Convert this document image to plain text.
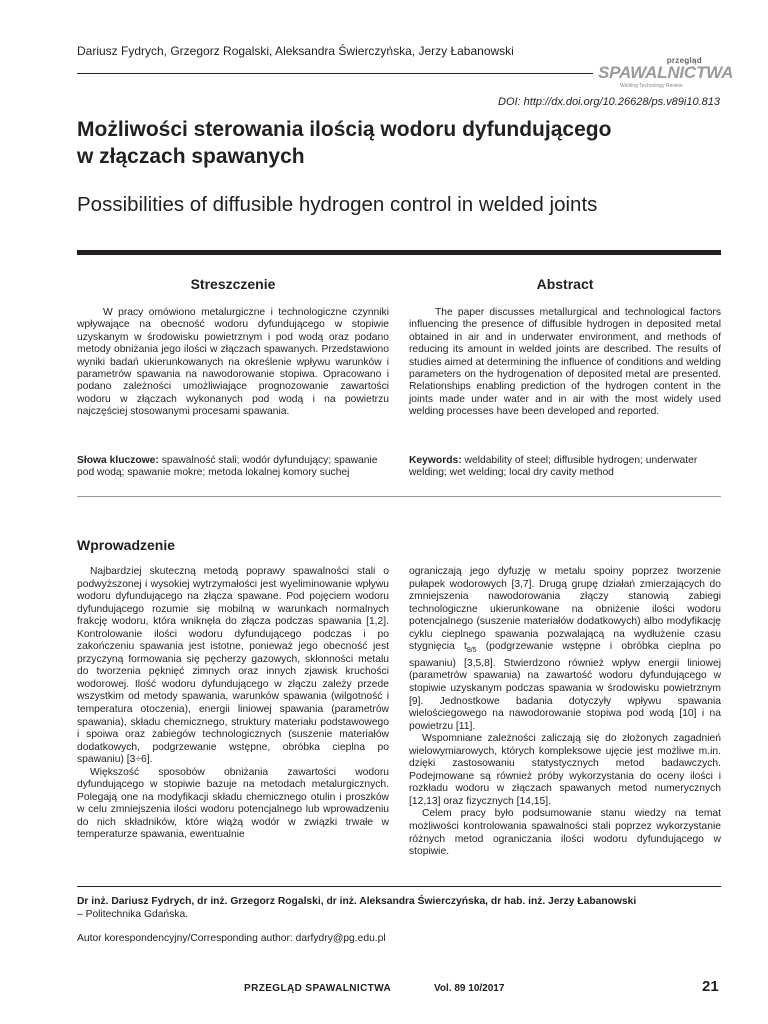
Dariusz Fydrych, Grzegorz Rogalski, Aleksandra Świerczyńska, Jerzy Łabanowski
przegląd
SPAWALNICTWA
Welding Technology Review
DOI: http://dx.doi.org/10.26628/ps.v89i10.813
Możliwości sterowania ilością wodoru dyfundującego
w złączach spawanych
Possibilities of diffusible hydrogen control in welded joints
Streszczenie	Abstract

W pracy omówiono metalurgiczne i technologiczne czynniki wpływające na obecność wodoru dyfundującego w stopiwie uzyskanym w środowisku powietrznym i pod wodą oraz podano metody obniżania jego ilości w złączach spawanych. Przedstawiono wyniki badań ukierunkowanych na określenie wpływu warunków i parametrów spawania na nawodorowanie stopiwa. Opracowano i podano zależności umożliwiające prognozowanie zawartości wodoru w złączach wykonanych pod wodą i na powietrzu najczęściej stosowanymi procesami spawania.

The paper discusses metallurgical and technological factors influencing the presence of diffusible hydrogen in deposited metal obtained in air and in underwater environment, and methods of reducing its amount in welded joints are described. The results of studies aimed at determining the influence of conditions and welding parameters on the hydrogenation of deposited metal are presented. Relationships enabling prediction of the hydrogen content in the joints made under water and in air with the most widely used welding processes have been developed and reported.

Słowa kluczowe: spawalność stali; wodór dyfundujący; spawanie pod wodą; spawanie mokre; metoda lokalnej komory suchej

Keywords: weldability of steel; diffusible hydrogen; underwater welding; wet welding; local dry cavity method

Wprowadzenie

Najbardziej skuteczną metodą poprawy spawalności stali o podwyższonej i wysokiej wytrzymałości jest wyeliminowanie wpływu wodoru dyfundującego na złącza spawane. Pod pojęciem wodoru dyfundującego rozumie się mobilną w warunkach normalnych frakcję wodoru, która wniknęła do złącza podczas spawania [1,2]. Kontrolowanie ilości wodoru dyfundującego podczas i po zakończeniu spawania jest istotne, ponieważ jego obecność jest przyczyną formowania się pęcherzy gazowych, skłonności metalu do tworzenia pęknięć zimnych oraz innych zjawisk kruchości wodorowej. Ilość wodoru dyfundującego w złączu zależy przede wszystkim od metody spawania, warunków spawania (wilgotność i temperatura otoczenia), energii liniowej spawania (parametrów spawania), składu chemicznego, struktury materiału podstawowego i spoiwa oraz zabiegów technologicznych (suszenie materiałów dodatkowych, podgrzewanie wstępne, obróbka cieplna po spawaniu) [3÷6].

Większość sposobów obniżania zawartości wodoru dyfundującego w stopiwie bazuje na metodach metalurgicznych. Polegają one na modyfikacji składu chemicznego otulin i proszków w celu zmniejszenia ilości wodoru potencjalnego lub wprowadzeniu do nich składników, które wiążą wodór w związki trwałe w temperaturze spawania, ewentualnie

ograniczają jego dyfuzję w metalu spoiny poprzez tworzenie pułapek wodorowych [3,7]. Drugą grupę działań zmierzających do zmniejszenia nawodorowania złączy stanowią zabiegi technologiczne ukierunkowane na obniżenie ilości wodoru potencjalnego (suszenie materiałów dodatkowych) albo modyfikację cyklu cieplnego spawania pozwalającą na wydłużenie czasu stygnięcia $t_{8/5}$ (podgrzewanie wstępne i obróbka cieplna po spawaniu) [3,5,8]. Stwierdzono również wpływ energii liniowej (parametrów spawania) na zawartość wodoru dyfundującego w stopiwie uzyskanym podczas spawania w środowisku powietrznym [9]. Jednostkowe badania dotyczyły wpływu spawania wielościegowego na nawodorowanie stopiwa pod wodą [10] i na powietrzu [11].

Wspomniane zależności zaliczają się do złożonych zagadnień wielowymiarowych, których kompleksowe ujęcie jest możliwe m.in. dzięki zastosowaniu statystycznych metod badawczych. Podejmowane są również próby wykorzystania do oceny ilości i rozkładu wodoru w złączach spawanych metod numerycznych [12,13] oraz fizycznych [14,15].

Celem pracy było podsumowanie stanu wiedzy na temat możliwości kontrolowania spawalności stali poprzez wykorzystanie różnych metod ograniczania ilości wodoru dyfundującego w stopiwie.

Dr inż. Dariusz Fydrych, dr inż. Grzegorz Rogalski, dr inż. Aleksandra Świerczyńska, dr hab. inż. Jerzy Łabanowski
– Politechnika Gdańska.

Autor korespondencyjny/Corresponding author: darfydry@pg.edu.pl
PRZEGLĄD SPAWALNICTWA	Vol. 89 10/2017	21
